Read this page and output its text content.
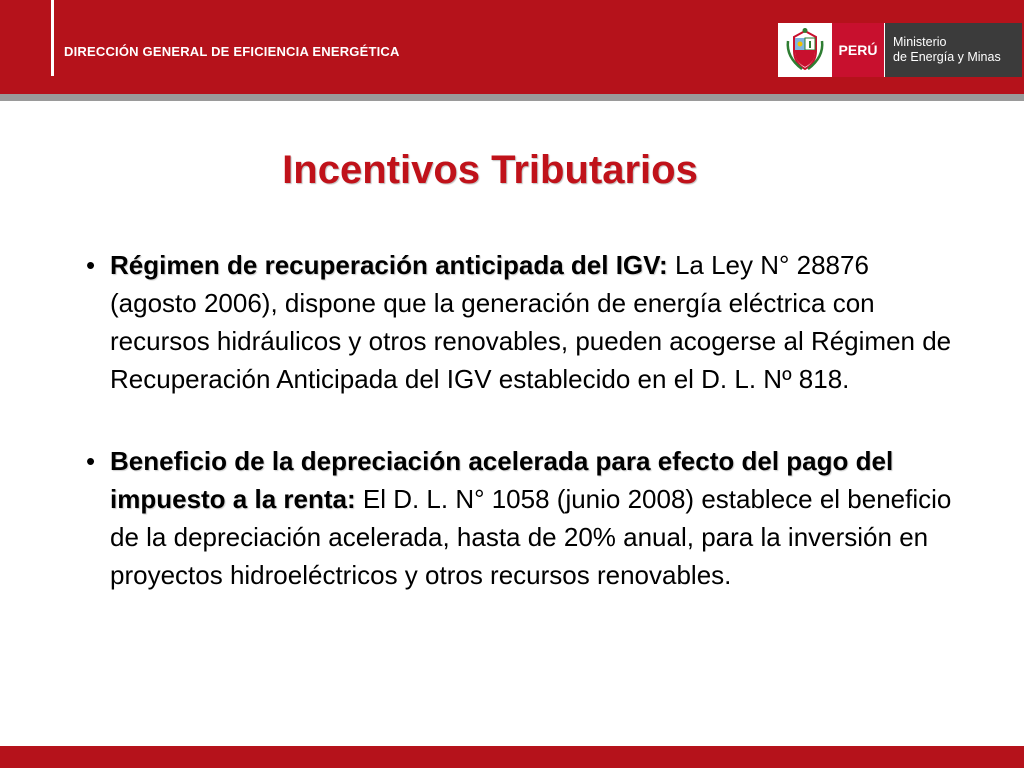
DIRECCIÓN GENERAL DE EFICIENCIA ENERGÉTICA	PERÚ	Ministerio
de Energía y Minas
Incentivos Tributarios
• Régimen de recuperación anticipada del IGV: La Ley N° 28876 (agosto 2006), dispone que la generación de energía eléctrica con recursos hidráulicos y otros renovables, pueden acogerse al Régimen de Recuperación Anticipada del IGV establecido en el D. L. Nº 818.
• Beneficio de la depreciación acelerada para efecto del pago del impuesto a la renta: El D. L. N° 1058 (junio 2008) establece el beneficio de la depreciación acelerada, hasta de 20% anual, para la inversión en proyectos hidroeléctricos y otros recursos renovables.
